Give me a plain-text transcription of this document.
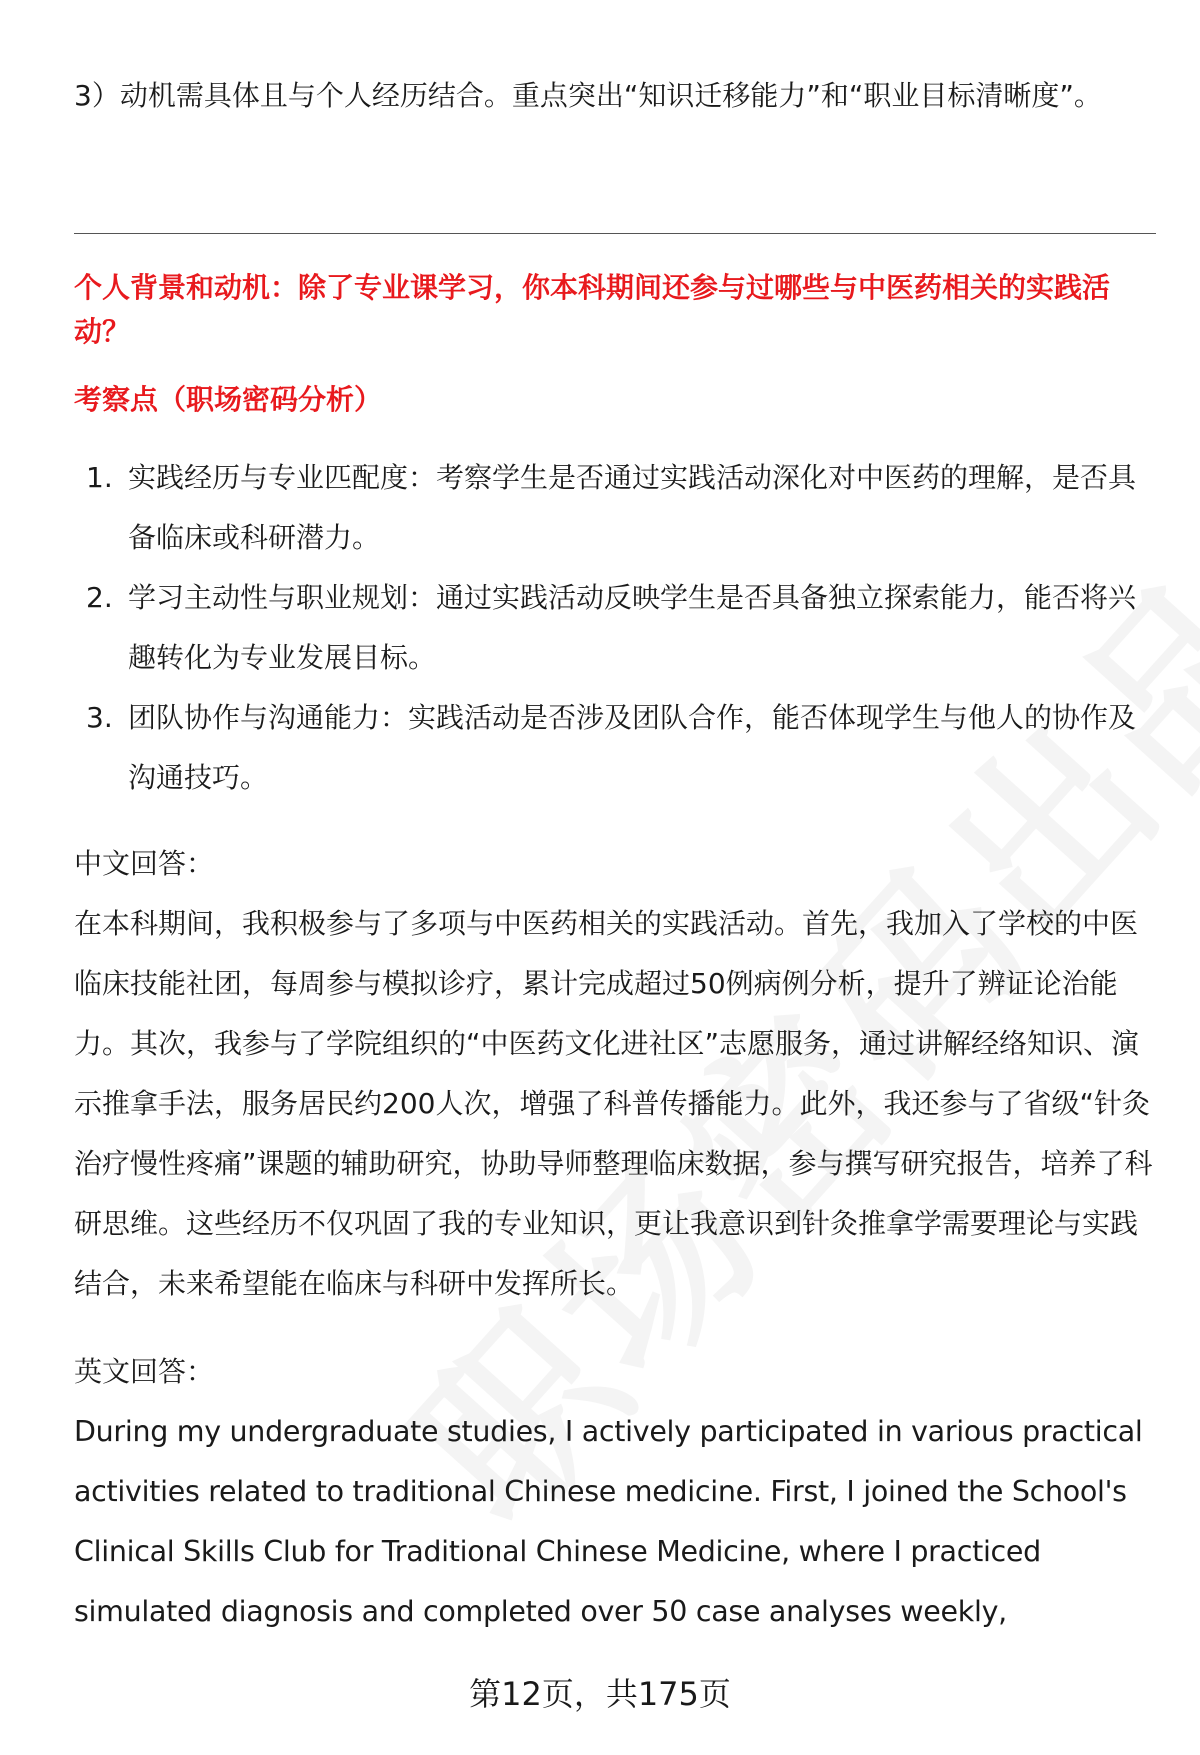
3）动机需具体且与个人经历结合。重点突出“知识迁移能力”和“职业目标清晰度”。

个人背景和动机：除了专业课学习，你本科期间还参与过哪些与中医药相关的实践活动？

考察点（职场密码分析）

1. 实践经历与专业匹配度：考察学生是否通过实践活动深化对中医药的理解，是否具备临床或科研潜力。
2. 学习主动性与职业规划：通过实践活动反映学生是否具备独立探索能力，能否将兴趣转化为专业发展目标。
3. 团队协作与沟通能力：实践活动是否涉及团队合作，能否体现学生与他人的协作及沟通技巧。

中文回答：

在本科期间，我积极参与了多项与中医药相关的实践活动。首先，我加入了学校的中医临床技能社团，每周参与模拟诊疗，累计完成超过50例病例分析，提升了辨证论治能力。其次，我参与了学院组织的“中医药文化进社区”志愿服务，通过讲解经络知识、演示推拿手法，服务居民约200人次，增强了科普传播能力。此外，我还参与了省级“针灸治疗慢性疼痛”课题的辅助研究，协助导师整理临床数据，参与撰写研究报告，培养了科研思维。这些经历不仅巩固了我的专业知识，更让我意识到针灸推拿学需要理论与实践结合，未来希望能在临床与科研中发挥所长。

英文回答：

During my undergraduate studies, I actively participated in various practical activities related to traditional Chinese medicine. First, I joined the School's Clinical Skills Club for Traditional Chinese Medicine, where I practiced simulated diagnosis and completed over 50 case analyses weekly,

第12页，共175页
